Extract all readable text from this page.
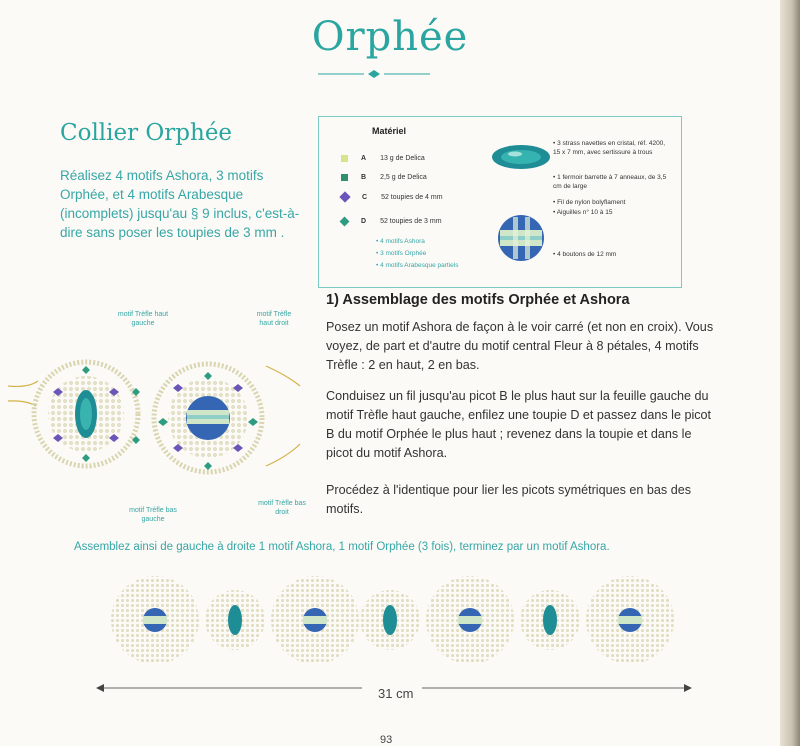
Orphée
Collier Orphée
Réalisez 4 motifs Ashora, 3 motifs Orphée, et 4 motifs Arabesque (incomplets) jusqu'au § 9 inclus, c'est-à-dire sans poser les toupies de 3 mm .
Matériel
A 13 g de Delica
B 2,5 g de Delica
C 52 toupies de 4 mm
D 52 toupies de 3 mm
• 4 motifs Ashora
• 3 motifs Orphée
• 4 motifs Arabesque partiels
• 3 strass navettes en cristal, réf. 4200, 15 x 7 mm, avec sertissure à trous
• 1 fermoir barrette à 7 anneaux, de 3,5 cm de large
• Fil de nylon bolyflament
• Aiguilles n° 10 à 15
• 4 boutons de 12 mm
1) Assemblage des motifs Orphée et Ashora
Posez un motif Ashora de façon à le voir carré (et non en croix). Vous voyez, de part et d'autre du motif central Fleur à 8 pétales, 4 motifs Trèfle : 2 en haut, 2 en bas.
Conduisez un fil jusqu'au picot B le plus haut sur la feuille gauche du motif Trèfle haut gauche, enfilez une toupie D et passez dans le picot B du motif Orphée le plus haut ; revenez dans la toupie et dans le picot du motif Ashora.
Procédez à l'identique pour lier les picots symétriques en bas des motifs.
motif Trèfle haut gauche
motif Trèfle haut droit
motif Trèfle bas gauche
motif Trèfle bas droit
Assemblez ainsi de gauche à droite 1 motif Ashora, 1 motif Orphée (3 fois), terminez par un motif Ashora.
31 cm
93
